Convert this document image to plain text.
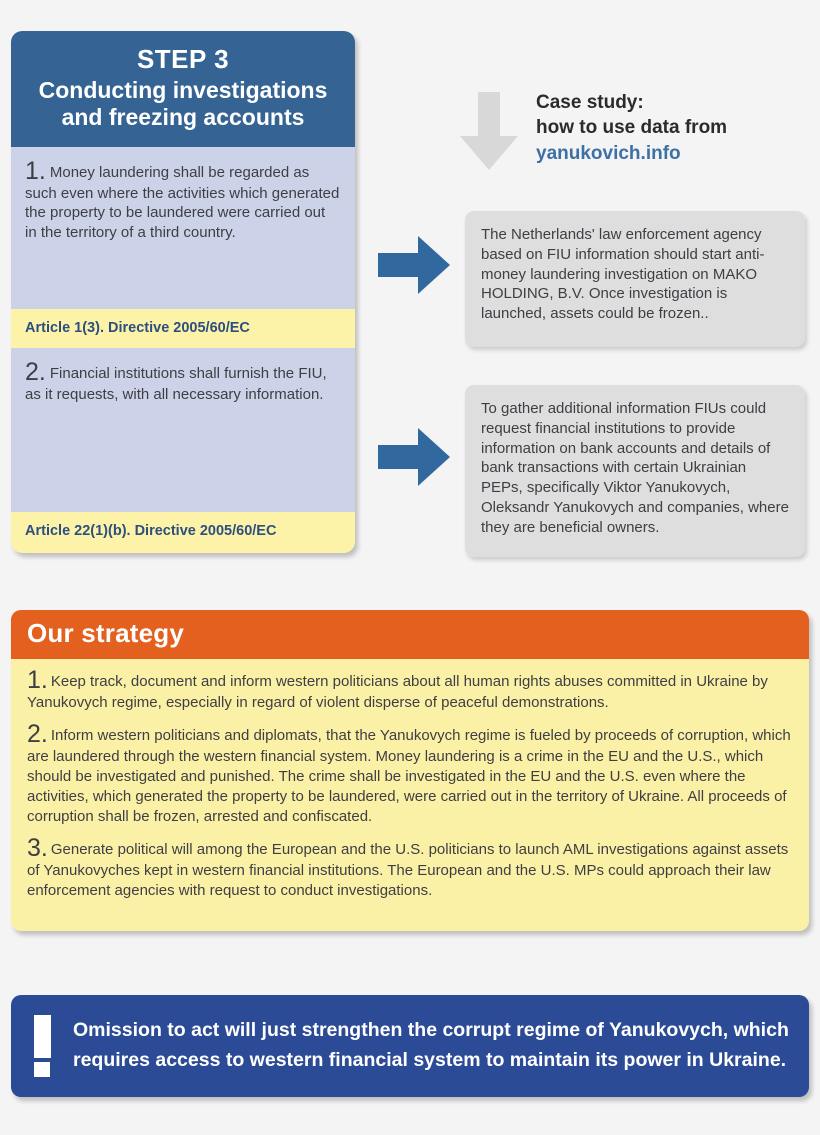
STEP 3
Conducting investigations and freezing accounts
1. Money laundering shall be regarded as such even where the activities which generated the property to be laundered were carried out in the territory of a third country.
Article 1(3). Directive 2005/60/EC
2. Financial institutions shall furnish the FIU, as it requests, with all necessary information.
Article 22(1)(b). Directive 2005/60/EC
Case study:
how to use data from
yanukovich.info
The Netherlands' law enforcement agency based on FIU information should start anti-money laundering investigation on MAKO HOLDING, B.V. Once investigation is launched, assets could be frozen..
To gather additional information FIUs could request financial institutions to provide information on bank accounts and details of bank transactions with certain Ukrainian PEPs, specifically Viktor Yanukovych, Oleksandr Yanukovych and companies, where they are beneficial owners.
Our strategy
1. Keep track, document and inform western politicians about all human rights abuses committed in Ukraine by Yanukovych regime, especially in regard of violent disperse of peaceful demonstrations.
2. Inform western politicians and diplomats, that the Yanukovych regime is fueled by proceeds of corruption, which are laundered through the western financial system. Money laundering is a crime in the EU and the U.S., which should be investigated and punished. The crime shall be investigated in the EU and the U.S. even where the activities, which generated the property to be laundered, were carried out in the territory of Ukraine. All proceeds of corruption shall be frozen, arrested and confiscated.
3. Generate political will among the European and the U.S. politicians to launch AML investigations against assets of Yanukovyches kept in western financial institutions. The European and the U.S. MPs could approach their law enforcement agencies with request to conduct investigations.
Omission to act will just strengthen the corrupt regime of Yanukovych, which requires access to western financial system to maintain its power in Ukraine.
